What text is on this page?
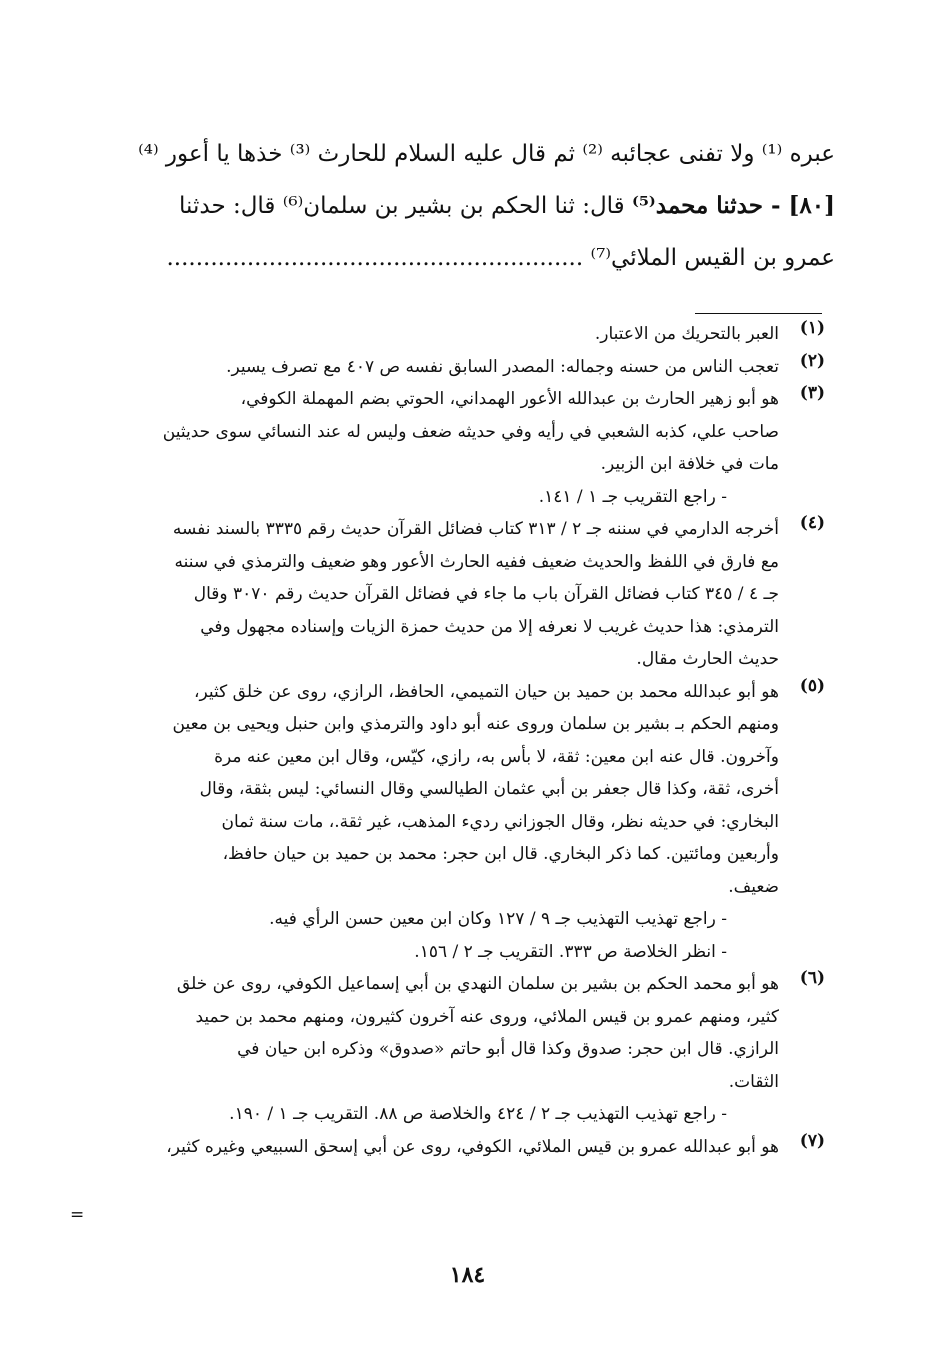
عبره ⁽¹⁾ ولا تفنى عجائبه ⁽²⁾ ثم قال عليه السلام للحارث ⁽³⁾ خذها يا أعور ⁽⁴⁾
[٨٠] - حدثنا محمد⁽⁵⁾ قال: ثنا الحكم بن بشير بن سلمان⁽⁶⁾ قال: حدثنا
عمرو بن القيس الملائي⁽⁷⁾ .........................................................
(١)
العبر بالتحريك من الاعتبار.
(٢)
تعجب الناس من حسنه وجماله: المصدر السابق نفسه ص ٤٠٧ مع تصرف يسير.
(٣)
هو أبو زهير الحارث بن عبدالله الأعور الهمداني، الحوتي بضم المهملة الكوفي،
صاحب علي، كذبه الشعبي في رأيه وفي حديثه ضعف وليس له عند النسائي سوى حديثين
مات في خلافة ابن الزبير.
- راجع التقريب جـ ١ / ١٤١.
(٤)
أخرجه الدارمي في سننه جـ ٢ / ٣١٣ كتاب فضائل القرآن حديث رقم ٣٣٣٥ بالسند نفسه
مع فارق في اللفظ والحديث ضعيف ففيه الحارث الأعور وهو ضعيف والترمذي في سننه
جـ ٤ / ٣٤٥ كتاب فضائل القرآن باب ما جاء في فضائل القرآن حديث رقم ٣٠٧٠ وقال
الترمذي: هذا حديث غريب لا نعرفه إلا من حديث حمزة الزيات وإسناده مجهول وفي
حديث الحارث مقال.
(٥)
هو أبو عبدالله محمد بن حميد بن حيان التميمي، الحافظ، الرازي، روى عن خلق كثير،
ومنهم الحكم بـ بشير بن سلمان وروى عنه أبو داود والترمذي وابن حنبل ويحيى بن معين
وآخرون. قال عنه ابن معين: ثقة، لا بأس به، رازي، كيّس، وقال ابن معين عنه مرة
أخرى، ثقة، وكذا قال جعفر بن أبي عثمان الطيالسي وقال النسائي: ليس بثقة، وقال
البخاري: في حديثه نظر، وقال الجوزاني رديء المذهب، غير ثقة.، مات سنة ثمان
وأربعين ومائتين. كما ذكر البخاري. قال ابن حجر: محمد بن حميد بن حيان حافظ،
ضعيف.
- راجع تهذيب التهذيب جـ ٩ / ١٢٧ وكان ابن معين حسن الرأي فيه.
- انظر الخلاصة ص ٣٣٣. التقريب جـ ٢ / ١٥٦.
(٦)
هو أبو محمد الحكم بن بشير بن سلمان النهدي بن أبي إسماعيل الكوفي، روى عن خلق
كثير، ومنهم عمرو بن قيس الملائي، وروى عنه آخرون كثيرون، ومنهم محمد بن حميد
الرازي. قال ابن حجر: صدوق وكذا قال أبو حاتم «صدوق» وذكره ابن حيان في
الثقات.
- راجع تهذيب التهذيب جـ ٢ / ٤٢٤ والخلاصة ص ٨٨. التقريب جـ ١ / ١٩٠.
(٧)
هو أبو عبدالله عمرو بن قيس الملائي، الكوفي، روى عن أبي إسحق السبيعي وغيره كثير،
=
١٨٤
